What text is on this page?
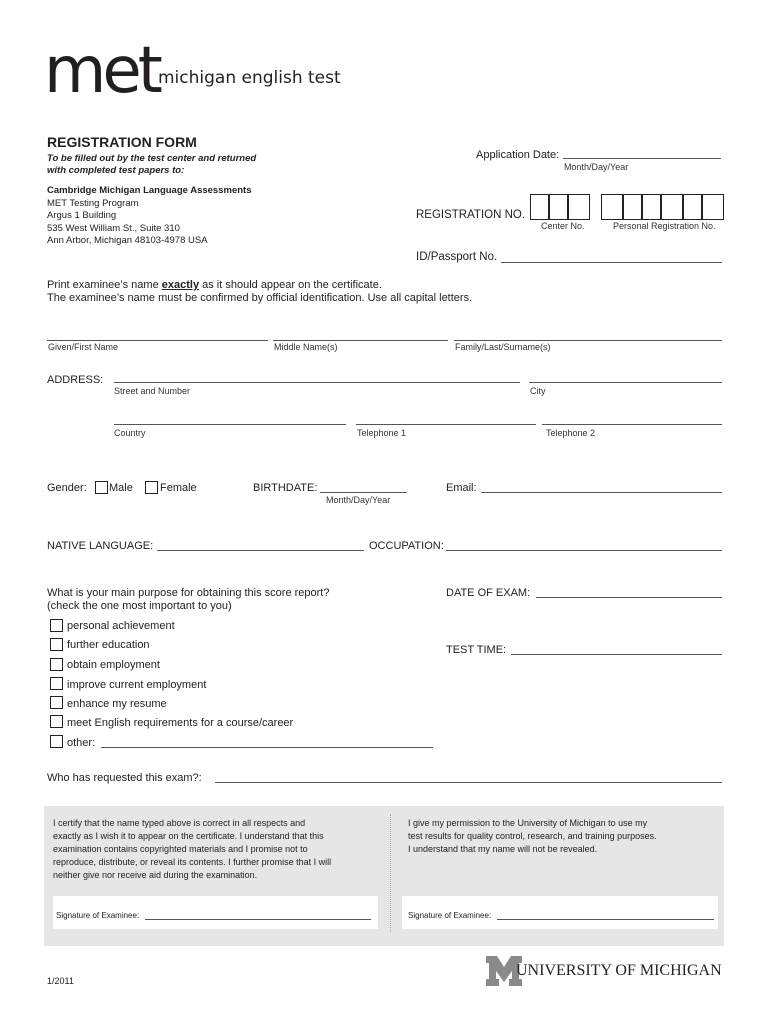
met michigan english test
REGISTRATION FORM
To be filled out by the test center and returned
with completed test papers to:
Cambridge Michigan Language Assessments
MET Testing Program
Argus 1 Building
535 West William St., Suite 310
Ann Arbor, Michigan 48103-4978 USA
Application Date:
Month/Day/Year
REGISTRATION NO.
Center No.	Personal Registration No.
ID/Passport No.
Print examinee’s name exactly as it should appear on the certificate.
The examinee’s name must be confirmed by official identification. Use all capital letters.
Given/First Name	Middle Name(s)	Family/Last/Surname(s)
ADDRESS:
Street and Number	City
Country	Telephone 1	Telephone 2
Gender: Male Female	BIRTHDATE:
Month/Day/Year
Email:
NATIVE LANGUAGE:	OCCUPATION:
What is your main purpose for obtaining this score report?
(check the one most important to you)
personal achievement
further education
obtain employment
improve current employment
enhance my resume
meet English requirements for a course/career
other:
DATE OF EXAM:
TEST TIME:
Who has requested this exam?:
I certify that the name typed above is correct in all respects and
exactly as I wish it to appear on the certificate. I understand that this
examination contains copyrighted materials and I promise not to
reproduce, distribute, or reveal its contents. I further promise that I will
neither give nor receive aid during the examination.
Signature of Examinee:
I give my permission to the University of Michigan to use my
test results for quality control, research, and training purposes.
I understand that my name will not be revealed.
Signature of Examinee:
1/2011
UNIVERSITY OF MICHIGAN
